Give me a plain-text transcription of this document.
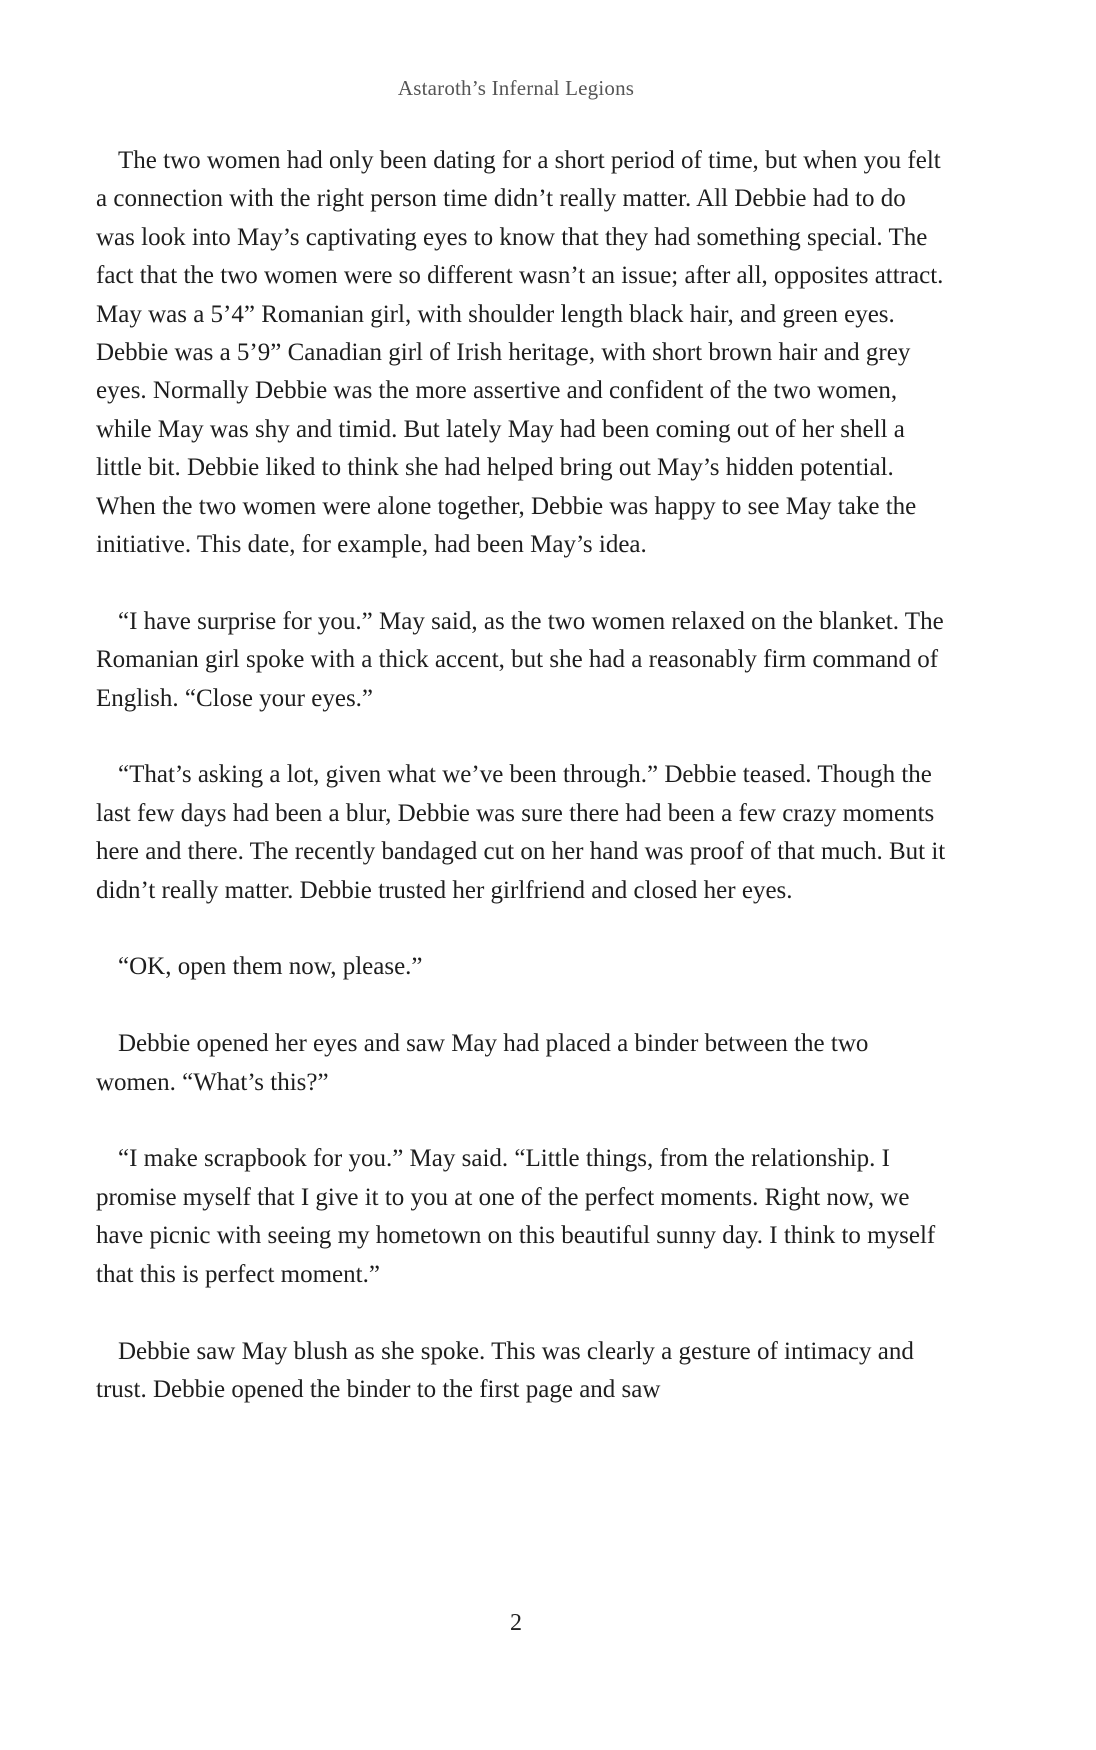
Astaroth’s Infernal Legions

The two women had only been dating for a short period of time, but when you felt a connection with the right person time didn’t really matter. All Debbie had to do was look into May’s captivating eyes to know that they had something special. The fact that the two women were so different wasn’t an issue; after all, opposites attract. May was a 5’4” Romanian girl, with shoulder length black hair, and green eyes. Debbie was a 5’9” Canadian girl of Irish heritage, with short brown hair and grey eyes. Normally Debbie was the more assertive and confident of the two women, while May was shy and timid. But lately May had been coming out of her shell a little bit. Debbie liked to think she had helped bring out May’s hidden potential. When the two women were alone together, Debbie was happy to see May take the initiative. This date, for example, had been May’s idea.

“I have surprise for you.” May said, as the two women relaxed on the blanket. The Romanian girl spoke with a thick accent, but she had a reasonably firm command of English. “Close your eyes.”

“That’s asking a lot, given what we’ve been through.” Debbie teased. Though the last few days had been a blur, Debbie was sure there had been a few crazy moments here and there. The recently bandaged cut on her hand was proof of that much. But it didn’t really matter. Debbie trusted her girlfriend and closed her eyes.

“OK, open them now, please.”

Debbie opened her eyes and saw May had placed a binder between the two women. “What’s this?”

“I make scrapbook for you.” May said. “Little things, from the relationship. I promise myself that I give it to you at one of the perfect moments. Right now, we have picnic with seeing my hometown on this beautiful sunny day. I think to myself that this is perfect moment.”

Debbie saw May blush as she spoke. This was clearly a gesture of intimacy and trust. Debbie opened the binder to the first page and saw

2
